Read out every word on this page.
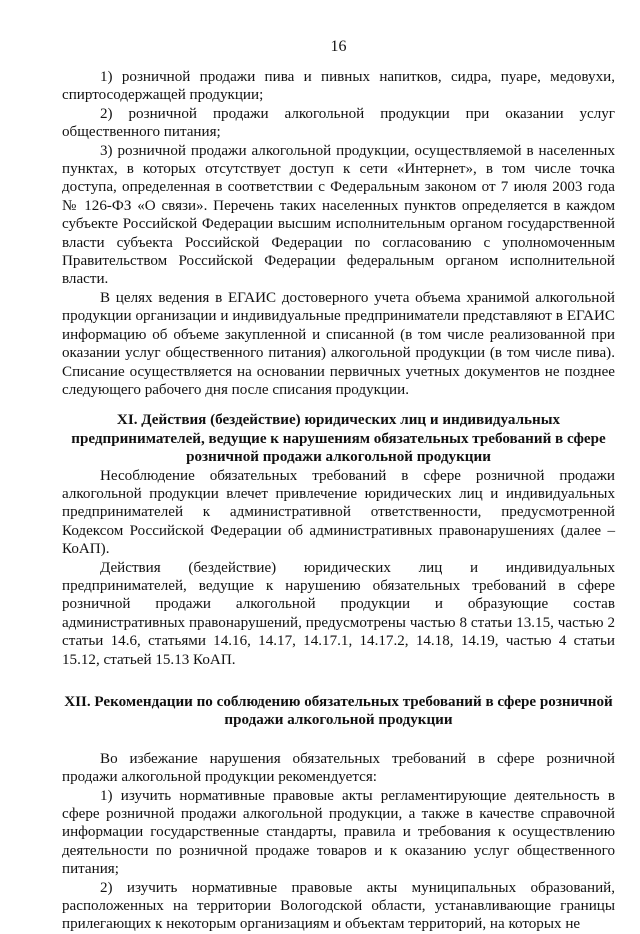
16

1) розничной продажи пива и пивных напитков, сидра, пуаре, медовухи, спиртосодержащей продукции;

2) розничной продажи алкогольной продукции при оказании услуг общественного питания;

3) розничной продажи алкогольной продукции, осуществляемой в населенных пунктах, в которых отсутствует доступ к сети «Интернет», в том числе точка доступа, определенная в соответствии с Федеральным законом от 7 июля 2003 года № 126-ФЗ «О связи». Перечень таких населенных пунктов определяется в каждом субъекте Российской Федерации высшим исполнительным органом государственной власти субъекта Российской Федерации по согласованию с уполномоченным Правительством Российской Федерации федеральным органом исполнительной власти.

В целях ведения в ЕГАИС достоверного учета объема хранимой алкогольной продукции организации и индивидуальные предприниматели представляют в ЕГАИС информацию об объеме закупленной и списанной (в том числе реализованной при оказании услуг общественного питания) алкогольной продукции (в том числе пива). Списание осуществляется на основании первичных учетных документов не позднее следующего рабочего дня после списания продукции.

XI. Действия (бездействие) юридических лиц и индивидуальных предпринимателей, ведущие к нарушениям обязательных требований в сфере розничной продажи алкогольной продукции

Несоблюдение обязательных требований в сфере розничной продажи алкогольной продукции влечет привлечение юридических лиц и индивидуальных предпринимателей к административной ответственности, предусмотренной Кодексом Российской Федерации об административных правонарушениях (далее – КоАП).

Действия (бездействие) юридических лиц и индивидуальных предпринимателей, ведущие к нарушению обязательных требований в сфере розничной продажи алкогольной продукции и образующие состав административных правонарушений, предусмотрены частью 8 статьи 13.15, частью 2 статьи 14.6, статьями 14.16, 14.17, 14.17.1, 14.17.2, 14.18, 14.19, частью 4 статьи 15.12, статьей 15.13 КоАП.

XII. Рекомендации по соблюдению обязательных требований в сфере розничной продажи алкогольной продукции

Во избежание нарушения обязательных требований в сфере розничной продажи алкогольной продукции рекомендуется:

1) изучить нормативные правовые акты регламентирующие деятельность в сфере розничной продажи алкогольной продукции, а также в качестве справочной информации государственные стандарты, правила и требования к осуществлению деятельности по розничной продаже товаров и к оказанию услуг общественного питания;

2) изучить нормативные правовые акты муниципальных образований, расположенных на территории Вологодской области, устанавливающие границы прилегающих к некоторым организациям и объектам территорий, на которых не
